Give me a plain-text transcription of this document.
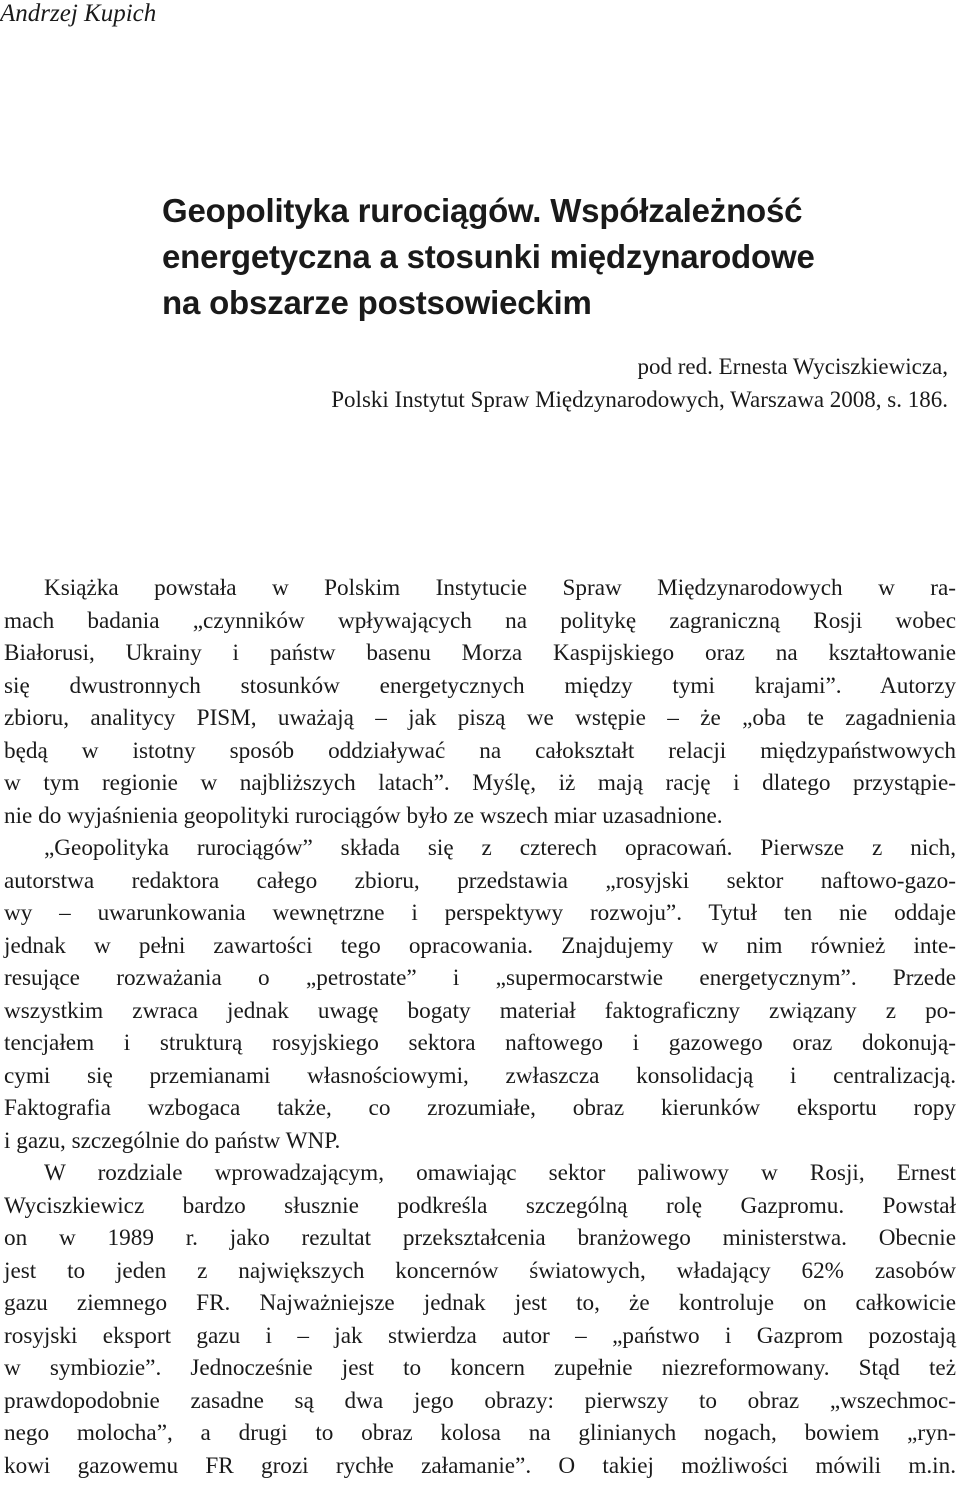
Andrzej Kupich
Geopolityka rurociągów. Współzależność
energetyczna a stosunki międzynarodowe
na obszarze postsowieckim
pod red. Ernesta Wyciszkiewicza,
Polski Instytut Spraw Międzynarodowych, Warszawa 2008, s. 186.
Książka powstała w Polskim Instytucie Spraw Międzynarodowych w ra-
mach badania „czynników wpływających na politykę zagraniczną Rosji wobec
Białorusi, Ukrainy i państw basenu Morza Kaspijskiego oraz na kształtowanie
się dwustronnych stosunków energetycznych między tymi krajami”. Autorzy
zbioru, analitycy PISM, uważają – jak piszą we wstępie – że „oba te zagadnienia
będą w istotny sposób oddziaływać na całokształt relacji międzypaństwowych
w tym regionie w najbliższych latach”. Myślę, iż mają rację i dlatego przystąpie-
nie do wyjaśnienia geopolityki rurociągów było ze wszech miar uzasadnione.
„Geopolityka rurociągów” składa się z czterech opracowań. Pierwsze z nich,
autorstwa redaktora całego zbioru, przedstawia „rosyjski sektor naftowo-gazo-
wy – uwarunkowania wewnętrzne i perspektywy rozwoju”. Tytuł ten nie oddaje
jednak w pełni zawartości tego opracowania. Znajdujemy w nim również inte-
resujące rozważania o „petrostate” i „supermocarstwie energetycznym”. Przede
wszystkim zwraca jednak uwagę bogaty materiał faktograficzny związany z po-
tencjałem i strukturą rosyjskiego sektora naftowego i gazowego oraz dokonują-
cymi się przemianami własnościowymi, zwłaszcza konsolidacją i centralizacją.
Faktografia wzbogaca także, co zrozumiałe, obraz kierunków eksportu ropy
i gazu, szczególnie do państw WNP.
W rozdziale wprowadzającym, omawiając sektor paliwowy w Rosji, Ernest
Wyciszkiewicz bardzo słusznie podkreśla szczególną rolę Gazpromu. Powstał
on w 1989 r. jako rezultat przekształcenia branżowego ministerstwa. Obecnie
jest to jeden z największych koncernów światowych, władający 62% zasobów
gazu ziemnego FR. Najważniejsze jednak jest to, że kontroluje on całkowicie
rosyjski eksport gazu i – jak stwierdza autor – „państwo i Gazprom pozostają
w symbiozie”. Jednocześnie jest to koncern zupełnie niezreformowany. Stąd też
prawdopodobnie zasadne są dwa jego obrazy: pierwszy to obraz „wszechmoc-
nego molocha”, a drugi to obraz kolosa na glinianych nogach, bowiem „ryn-
kowi gazowemu FR grozi rychłe załamanie”. O takiej możliwości mówili m.in.
